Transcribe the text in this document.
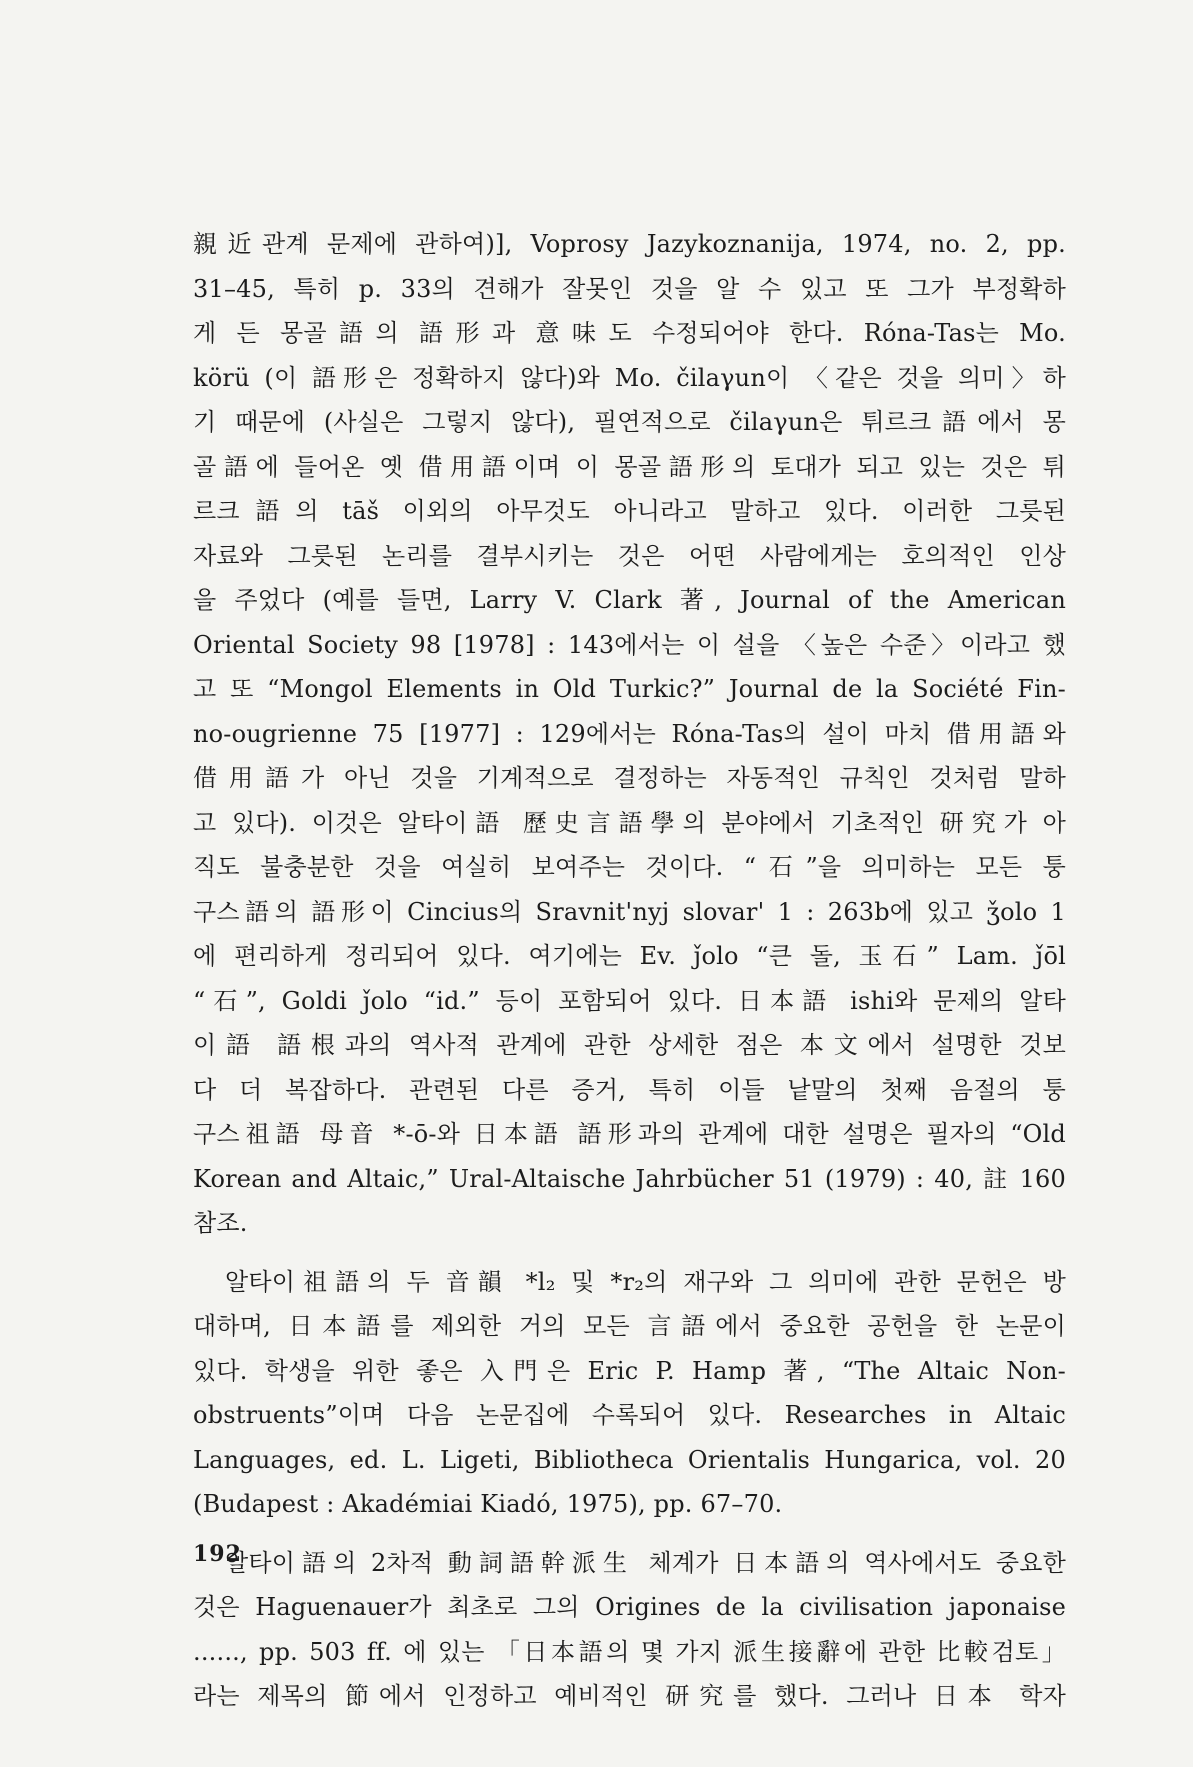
親近관계 문제에 관하여)], Voprosy Jazykoznanija, 1974, no. 2, pp.
31–45, 특히 p. 33의 견해가 잘못인 것을 알 수 있고 또 그가 부정확하
게 든 몽골語의 語形과 意味도 수정되어야 한다. Róna-Tas는 Mo.
körü (이 語形은 정확하지 않다)와 Mo. čilaγun이 〈같은 것을 의미〉하
기 때문에 (사실은 그렇지 않다), 필연적으로 čilaγun은 튀르크語에서 몽
골語에 들어온 옛 借用語이며 이 몽골語形의 토대가 되고 있는 것은 튀
르크語의 tāš 이외의 아무것도 아니라고 말하고 있다. 이러한 그릇된
자료와 그릇된 논리를 결부시키는 것은 어떤 사람에게는 호의적인 인상
을 주었다 (예를 들면, Larry V. Clark 著, Journal of the American
Oriental Society 98 [1978] : 143에서는 이 설을 〈높은 수준〉이라고 했
고 또 “Mongol Elements in Old Turkic?” Journal de la Société Fin-
no-ougrienne 75 [1977] : 129에서는 Róna-Tas의 설이 마치 借用語와
借用語가 아닌 것을 기계적으로 결정하는 자동적인 규칙인 것처럼 말하
고 있다). 이것은 알타이語 歷史言語學의 분야에서 기초적인 研究가 아
직도 불충분한 것을 여실히 보여주는 것이다. “石”을 의미하는 모든 퉁
구스語의 語形이 Cincius의 Sravnit'nyj slovar' 1 : 263b에 있고 ǯolo 1
에 편리하게 정리되어 있다. 여기에는 Ev. ǰolo “큰 돌, 玉石” Lam. ǰōl
“石”, Goldi ǰolo “id.” 등이 포함되어 있다. 日本語 ishi와 문제의 알타
이語 語根과의 역사적 관계에 관한 상세한 점은 本文에서 설명한 것보
다 더 복잡하다. 관련된 다른 증거, 특히 이들 낱말의 첫째 음절의 퉁
구스祖語 母音 *-ō-와 日本語 語形과의 관계에 대한 설명은 필자의 “Old
Korean and Altaic,” Ural-Altaische Jahrbücher 51 (1979) : 40, 註 160
참조.
알타이祖語의 두 音韻 *l₂ 및 *r₂의 재구와 그 의미에 관한 문헌은 방
대하며, 日本語를 제외한 거의 모든 言語에서 중요한 공헌을 한 논문이
있다. 학생을 위한 좋은 入門은 Eric P. Hamp 著, “The Altaic Non-
obstruents”이며 다음 논문집에 수록되어 있다. Researches in Altaic
Languages, ed. L. Ligeti, Bibliotheca Orientalis Hungarica, vol. 20
(Budapest : Akadémiai Kiadó, 1975), pp. 67–70.
알타이語의 2차적 動詞語幹派生 체계가 日本語의 역사에서도 중요한
것은 Haguenauer가 최초로 그의 Origines de la civilisation japonaise
......, pp. 503 ff. 에 있는 「日本語의 몇 가지 派生接辭에 관한 比較검토」
라는 제목의 節에서 인정하고 예비적인 研究를 했다. 그러나 日本 학자
192
